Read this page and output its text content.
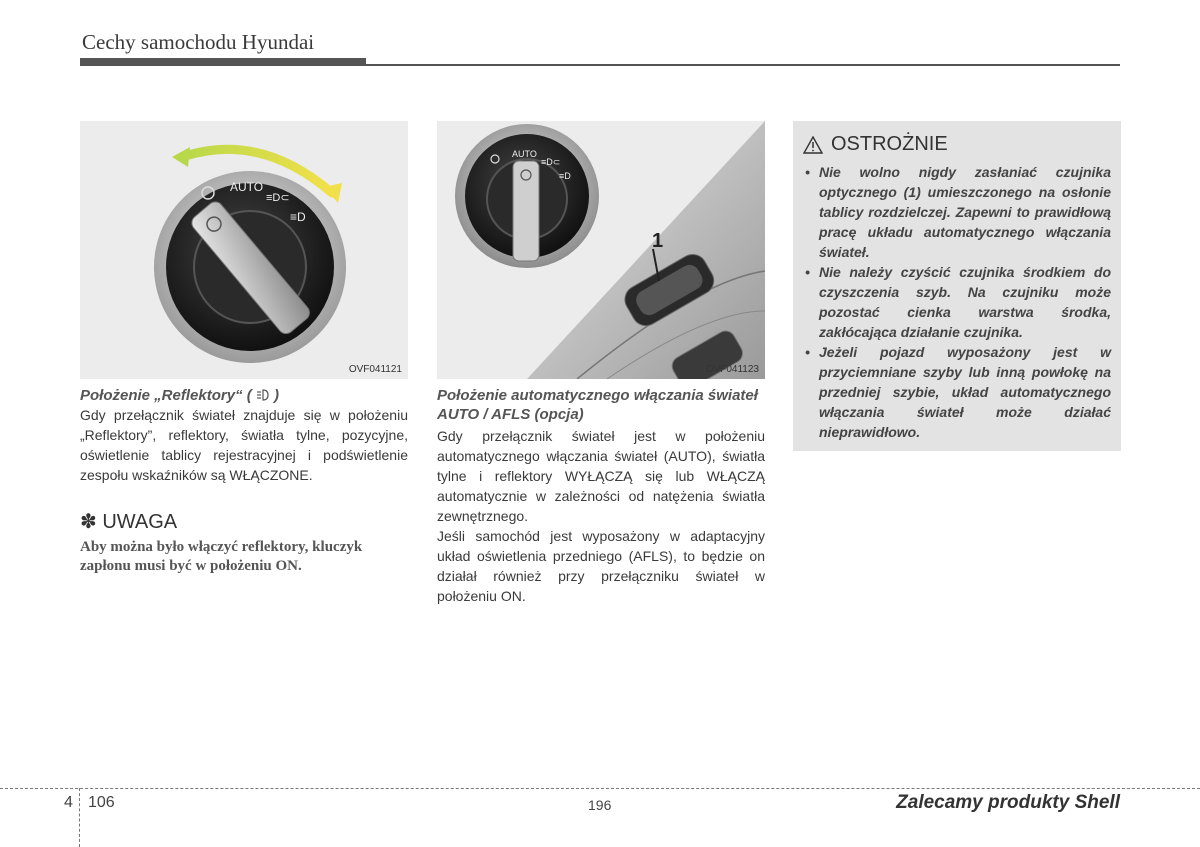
Cechy samochodu Hyundai
AUTO
≡D⊂
≡D
OVF041121
AUTO
≡D⊂
≡D
1
OVF041123
Położenie „Reflektory“ ( )
Gdy przełącznik świateł znajduje się w położeniu „Reflektory”, reflektory, światła tylne, pozycyjne, oświetlenie tablicy rejestracyjnej i podświetlenie zespołu wskaźników są WŁĄCZONE.
✽ UWAGA
Aby można było włączyć reflektory, kluczyk zapłonu musi być w położeniu ON.
Położenie automatycznego włączania świateł AUTO / AFLS (opcja)
Gdy przełącznik świateł jest w położeniu automatycznego włączania świateł (AUTO), światła tylne i reflektory WYŁĄCZĄ się lub WŁĄCZĄ automatycznie w zależności od natężenia światła zewnętrznego.
Jeśli samochód jest wyposażony w adaptacyjny układ oświetlenia przedniego (AFLS), to będzie on działał również przy przełączniku świateł w położeniu ON.
OSTROŻNIE
• Nie wolno nigdy zasłaniać czujnika optycznego (1) umieszczonego na osłonie tablicy rozdzielczej. Zapewni to prawidłową pracę układu automatycznego włączania świateł.
• Nie należy czyścić czujnika środkiem do czyszczenia szyb. Na czujniku może pozostać cienka warstwa środka, zakłócająca działanie czujnika.
• Jeżeli pojazd wyposażony jest w przyciemniane szyby lub inną powłokę na przedniej szybie, układ automatycznego włączania świateł może działać nieprawidłowo.
4 106	196	Zalecamy produkty Shell
